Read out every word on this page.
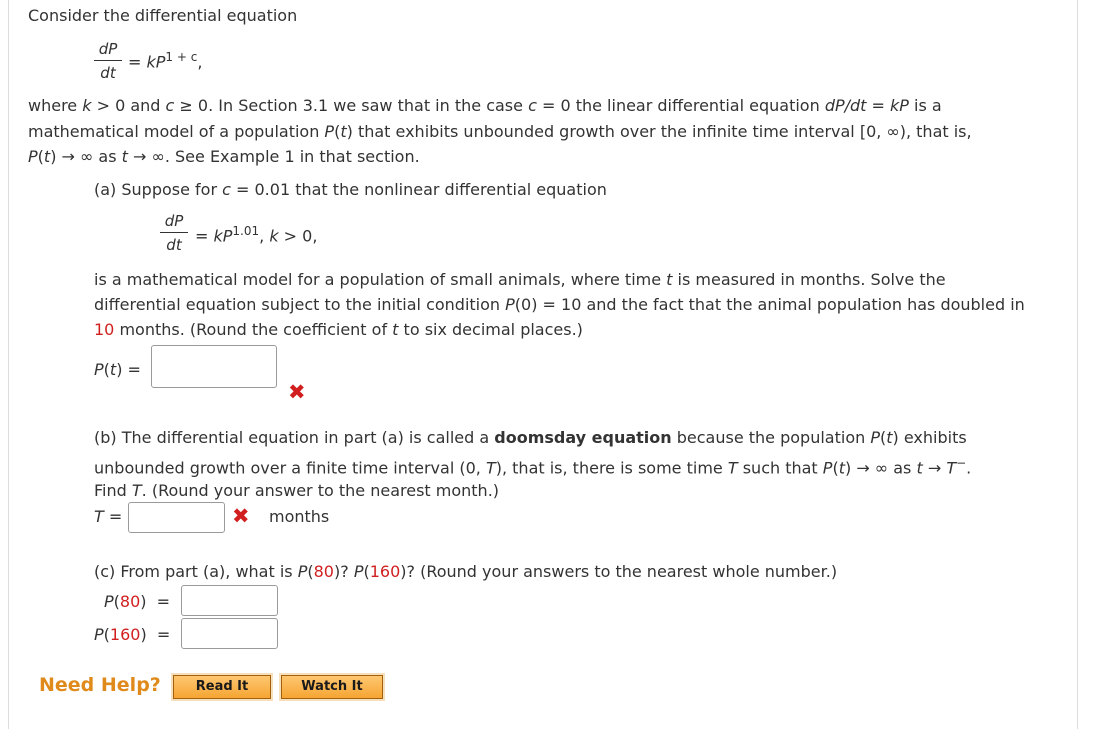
Consider the differential equation
dP
dt
= $kP^{1 + c}$,
where k > 0 and c ≥ 0. In Section 3.1 we saw that in the case c = 0 the linear differential equation dP/dt = kP is a
mathematical model of a population P(t) that exhibits unbounded growth over the infinite time interval [0, ∞), that is,
P(t) → ∞ as t → ∞. See Example 1 in that section.
(a) Suppose for c = 0.01 that the nonlinear differential equation
dP
dt = $kP^{1.01}$, k > 0,
is a mathematical model for a population of small animals, where time t is measured in months. Solve the
differential equation subject to the initial condition P(0) = 10 and the fact that the animal population has doubled in
10 months. (Round the coefficient of t to six decimal places.)
P(t) =
✖
(b) The differential equation in part (a) is called a doomsday equation because the population P(t) exhibits
unbounded growth over a finite time interval (0, T), that is, there is some time T such that P(t) → ∞ as t → T−.
Find T. (Round your answer to the nearest month.)
T =	✖ months
(c) From part (a), what is P(80)? P(160)? (Round your answers to the nearest whole number.)
P(80)  =
P(160)  =
Need Help?	Read It	Watch It
